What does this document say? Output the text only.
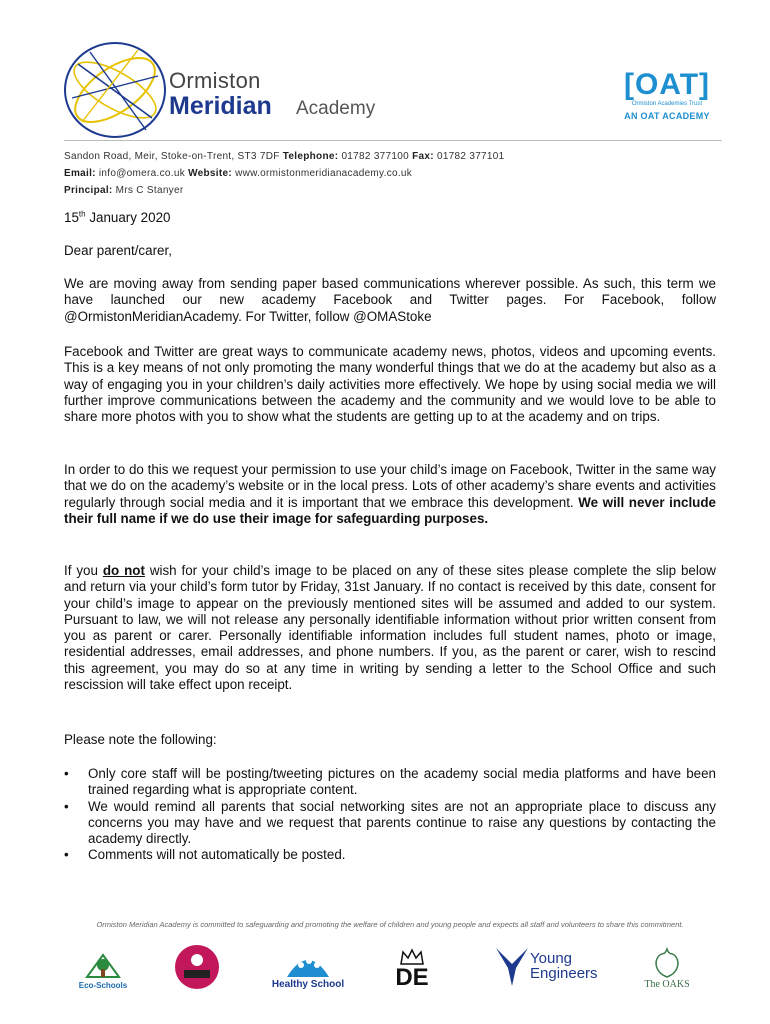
Ormiston
Meridian Academy
[OAT]
Ormiston Academies Trust
AN OAT ACADEMY
Sandon Road, Meir, Stoke-on-Trent, ST3 7DF Telephone: 01782 377100 Fax: 01782 377101
Email: info@omera.co.uk Website: www.ormistonmeridianacademy.co.uk
Principal: Mrs C Stanyer
15th January 2020
Dear parent/carer,
We are moving away from sending paper based communications wherever possible. As such, this term we have launched our new academy Facebook and Twitter pages. For Facebook, follow @OrmistonMeridianAcademy. For Twitter, follow @OMAStoke
Facebook and Twitter are great ways to communicate academy news, photos, videos and upcoming events. This is a key means of not only promoting the many wonderful things that we do at the academy but also as a way of engaging you in your children’s daily activities more effectively. We hope by using social media we will further improve communications between the academy and the community and we would love to be able to share more photos with you to show what the students are getting up to at the academy and on trips.
In order to do this we request your permission to use your child’s image on Facebook, Twitter in the same way that we do on the academy’s website or in the local press. Lots of other academy’s share events and activities regularly through social media and it is important that we embrace this development. We will never include their full name if we do use their image for safeguarding purposes.
If you do not wish for your child’s image to be placed on any of these sites please complete the slip below and return via your child’s form tutor by Friday, 31st January. If no contact is received by this date, consent for your child’s image to appear on the previously mentioned sites will be assumed and added to our system. Pursuant to law, we will not release any personally identifiable information without prior written consent from you as parent or carer. Personally identifiable information includes full student names, photo or image, residential addresses, email addresses, and phone numbers. If you, as the parent or carer, wish to rescind this agreement, you may do so at any time in writing by sending a letter to the School Office and such rescission will take effect upon receipt.
Please note the following:
• Only core staff will be posting/tweeting pictures on the academy social media platforms and have been trained regarding what is appropriate content.
• We would remind all parents that social networking sites are not an appropriate place to discuss any concerns you may have and we request that parents continue to raise any questions by contacting the academy directly.
• Comments will not automatically be posted.
Ormiston Meridian Academy is committed to safeguarding and promoting the welfare of children and young people and expects all staff and volunteers to share this commitment.
Eco-Schools	Healthy School DE
Young Engineers
The OAKS
